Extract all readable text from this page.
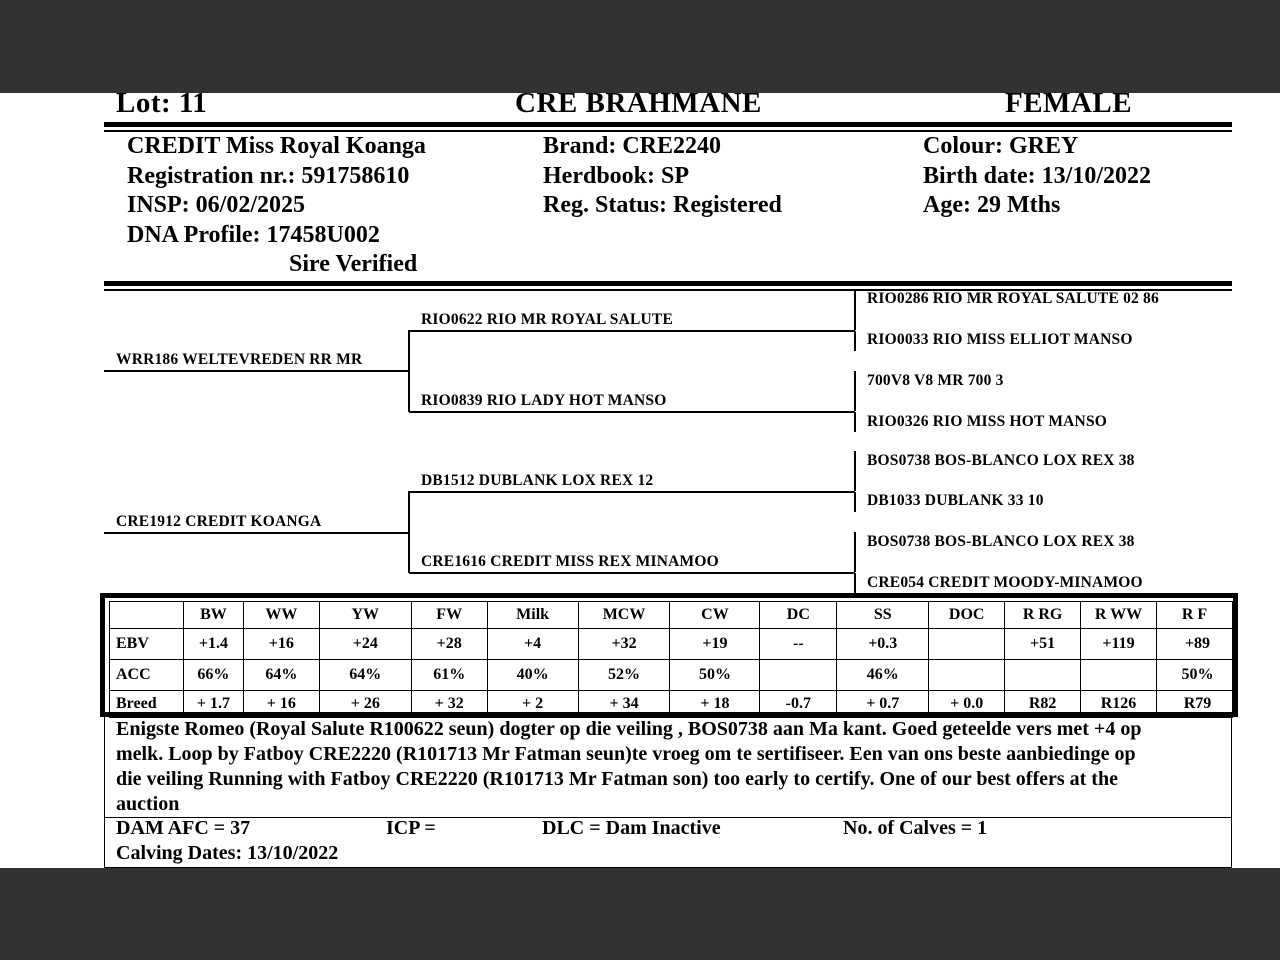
Lot: 11	CRE BRAHMANE	FEMALE
CREDIT Miss Royal Koanga
Registration nr.: 591758610
INSP: 06/02/2025
DNA Profile: 17458U002
Sire Verified
Brand: CRE2240
Herdbook: SP
Reg. Status: Registered
Colour: GREY
Birth date: 13/10/2022
Age: 29 Mths
WRR186 WELTEVREDEN RR MR
CRE1912 CREDIT KOANGA
RIO0622 RIO MR ROYAL SALUTE
RIO0839 RIO LADY HOT MANSO
DB1512 DUBLANK LOX REX 12
CRE1616 CREDIT MISS REX MINAMOO
RIO0286 RIO MR ROYAL SALUTE 02 86
RIO0033 RIO MISS ELLIOT MANSO
700V8 V8 MR 700 3
RIO0326 RIO MISS HOT MANSO
BOS0738 BOS-BLANCO LOX REX 38
DB1033 DUBLANK 33 10
BOS0738 BOS-BLANCO LOX REX 38
CRE054 CREDIT MOODY-MINAMOO
	BW	WW	YW	FW	Milk	MCW	CW	DC	SS	DOC	R RG	R WW	R F
EBV	+1.4	+16	+24	+28	+4	+32	+19	--	+0.3		+51	+119	+89
ACC	66%	64%	64%	61%	40%	52%	50%		46%				50%
Breed	+ 1.7	+ 16	+ 26	+ 32	+ 2	+ 34	+ 18	-0.7	+ 0.7	+ 0.0	R82	R126	R79
Enigste Romeo (Royal Salute R100622 seun) dogter op die veiling , BOS0738 aan Ma kant. Goed geteelde vers met +4 op
melk. Loop by Fatboy CRE2220 (R101713 Mr Fatman seun)te vroeg om te sertifiseer. Een van ons beste aanbiedinge op
die veiling Running with Fatboy CRE2220 (R101713 Mr Fatman son) too early to certify. One of our best offers at the
auction
DAM AFC = 37	ICP =	DLC = Dam Inactive	No. of Calves = 1
Calving Dates: 13/10/2022
